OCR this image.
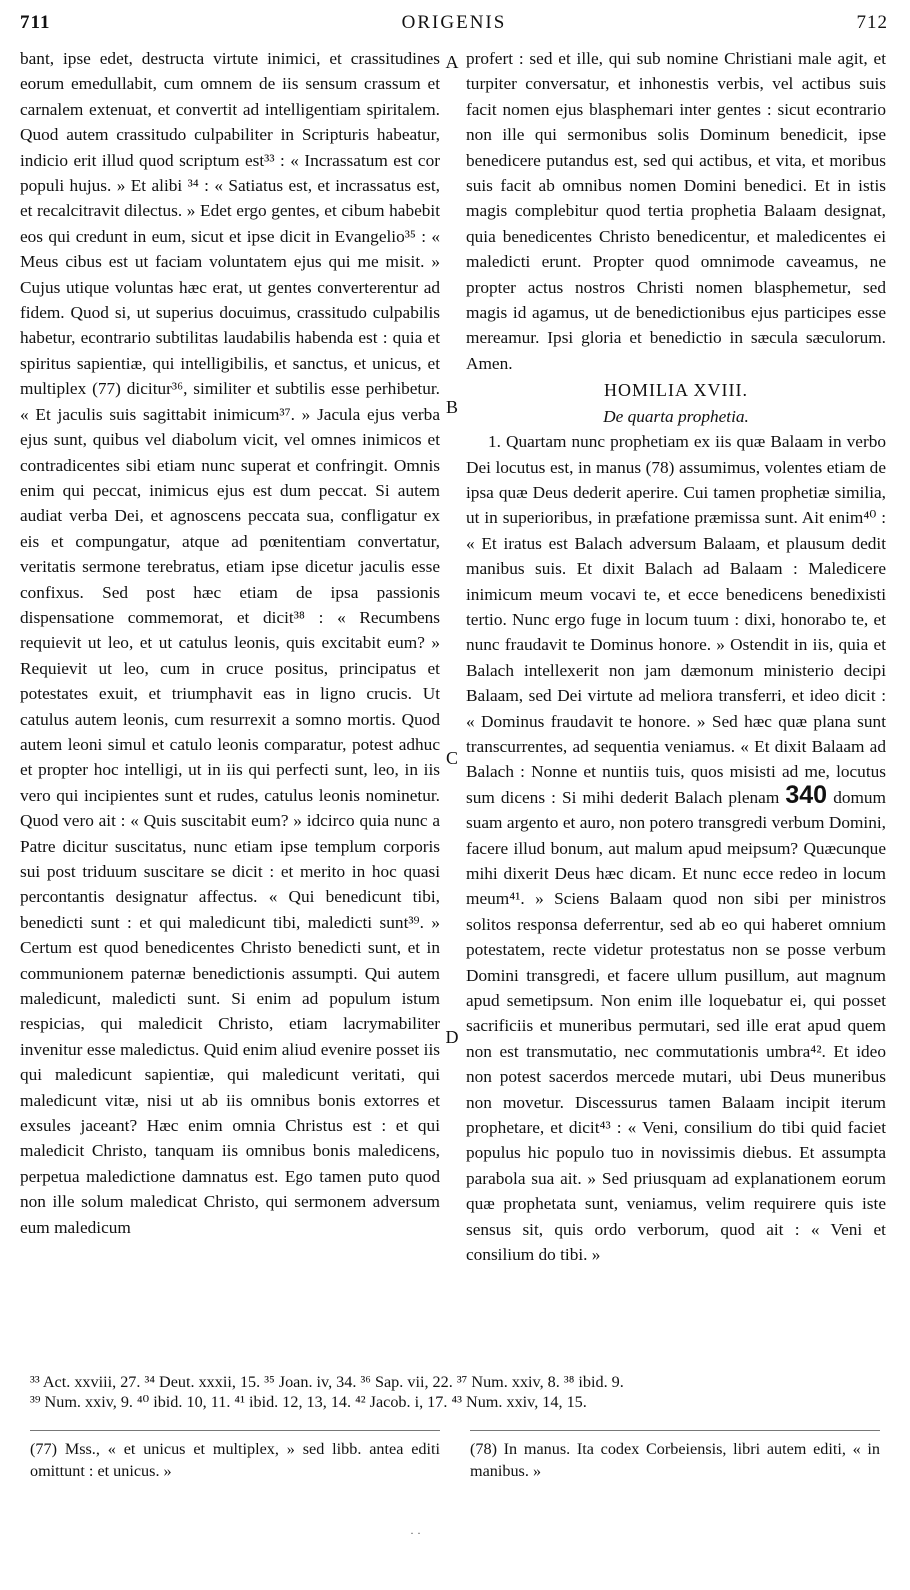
711	ORIGENIS	712
A
B
C
D

bant, ipse edet, destructa virtute inimici, et crassitudines eorum emedullabit, cum omnem de iis sensum crassum et carnalem extenuat, et convertit ad intelligentiam spiritalem. Quod autem crassitudo culpabiliter in Scripturis habeatur, indicio erit illud quod scriptum est³³ : « Incrassatum est cor populi hujus. » Et alibi ³⁴ : « Satiatus est, et incrassatus est, et recalcitravit dilectus. » Edet ergo gentes, et cibum habebit eos qui credunt in eum, sicut et ipse dicit in Evangelio³⁵ : « Meus cibus est ut faciam voluntatem ejus qui me misit. » Cujus utique voluntas hæc erat, ut gentes converterentur ad fidem. Quod si, ut superius docuimus, crassitudo culpabilis habetur, econtrario subtilitas laudabilis habenda est : quia et spiritus sapientiæ, qui intelligibilis, et sanctus, et unicus, et multiplex (77) dicitur³⁶, similiter et subtilis esse perhibetur. « Et jaculis suis sagittabit inimicum³⁷. » Jacula ejus verba ejus sunt, quibus vel diabolum vicit, vel omnes inimicos et contradicentes sibi etiam nunc superat et confringit. Omnis enim qui peccat, inimicus ejus est dum peccat. Si autem audiat verba Dei, et agnoscens peccata sua, confligatur ex eis et compungatur, atque ad pœnitentiam convertatur, veritatis sermone terebratus, etiam ipse dicetur jaculis esse confixus. Sed post hæc etiam de ipsa passionis dispensatione commemorat, et dicit³⁸ : « Recumbens requievit ut leo, et ut catulus leonis, quis excitabit eum? » Requievit ut leo, cum in cruce positus, principatus et potestates exuit, et triumphavit eas in ligno crucis. Ut catulus autem leonis, cum resurrexit a somno mortis. Quod autem leoni simul et catulo leonis comparatur, potest adhuc et propter hoc intelligi, ut in iis qui perfecti sunt, leo, in iis vero qui incipientes sunt et rudes, catulus leonis nominetur. Quod vero ait : « Quis suscitabit eum? » idcirco quia nunc a Patre dicitur suscitatus, nunc etiam ipse templum corporis sui post triduum suscitare se dicit : et merito in hoc quasi percontantis designatur affectus. « Qui benedicunt tibi, benedicti sunt : et qui maledicunt tibi, maledicti sunt³⁹. » Certum est quod benedicentes Christo benedicti sunt, et in communionem paternæ benedictionis assumpti. Qui autem maledicunt, maledicti sunt. Si enim ad populum istum respicias, qui maledicit Christo, etiam lacrymabiliter invenitur esse maledictus. Quid enim aliud evenire posset iis qui maledicunt sapientiæ, qui maledicunt veritati, qui maledicunt vitæ, nisi ut ab iis omnibus bonis extorres et exsules jaceant? Hæc enim omnia Christus est : et qui maledicit Christo, tanquam iis omnibus bonis maledicens, perpetua maledictione damnatus est. Ego tamen puto quod non ille solum maledicat Christo, qui sermonem adversum eum maledicum

profert : sed et ille, qui sub nomine Christiani male agit, et turpiter conversatur, et inhonestis verbis, vel actibus suis facit nomen ejus blasphemari inter gentes : sicut econtrario non ille qui sermonibus solis Dominum benedicit, ipse benedicere putandus est, sed qui actibus, et vita, et moribus suis facit ab omnibus nomen Domini benedici. Et in istis magis complebitur quod tertia prophetia Balaam designat, quia benedicentes Christo benedicentur, et maledicentes ei maledicti erunt. Propter quod omnimode caveamus, ne propter actus nostros Christi nomen blasphemetur, sed magis id agamus, ut de benedictionibus ejus participes esse mereamur. Ipsi gloria et benedictio in sæcula sæculorum. Amen.

HOMILIA XVIII.
De quarta prophetia.

1. Quartam nunc prophetiam ex iis quæ Balaam in verbo Dei locutus est, in manus (78) assumimus, volentes etiam de ipsa quæ Deus dederit aperire. Cui tamen prophetiæ similia, ut in superioribus, in præfatione præmissa sunt. Ait enim⁴⁰ : « Et iratus est Balach adversum Balaam, et plausum dedit manibus suis. Et dixit Balach ad Balaam : Maledicere inimicum meum vocavi te, et ecce benedicens benedixisti tertio. Nunc ergo fuge in locum tuum : dixi, honorabo te, et nunc fraudavit te Dominus honore. » Ostendit in iis, quia et Balach intellexerit non jam dæmonum ministerio decipi Balaam, sed Dei virtute ad meliora transferri, et ideo dicit : « Dominus fraudavit te honore. » Sed hæc quæ plana sunt transcurrentes, ad sequentia veniamus. « Et dixit Balaam ad Balach : Nonne et nuntiis tuis, quos misisti ad me, locutus sum dicens : Si mihi dederit Balach plenam 340 domum suam argento et auro, non potero transgredi verbum Domini, facere illud bonum, aut malum apud meipsum? Quæcunque mihi dixerit Deus hæc dicam. Et nunc ecce redeo in locum meum⁴¹. » Sciens Balaam quod non sibi per ministros solitos responsa deferrentur, sed ab eo qui haberet omnium potestatem, recte videtur protestatus non se posse verbum Domini transgredi, et facere ullum pusillum, aut magnum apud semetipsum. Non enim ille loquebatur ei, qui posset sacrificiis et muneribus permutari, sed ille erat apud quem non est transmutatio, nec commutationis umbra⁴². Et ideo non potest sacerdos mercede mutari, ubi Deus muneribus non movetur. Discessurus tamen Balaam incipit iterum prophetare, et dicit⁴³ : « Veni, consilium do tibi quid faciet populus hic populo tuo in novissimis diebus. Et assumpta parabola sua ait. » Sed priusquam ad explanationem eorum quæ prophetata sunt, veniamus, velim requirere quis iste sensus sit, quis ordo verborum, quod ait : « Veni et consilium do tibi. »

³³ Act. xxviii, 27. ³⁴ Deut. xxxii, 15. ³⁵ Joan. iv, 34. ³⁶ Sap. vii, 22. ³⁷ Num. xxiv, 8. ³⁸ ibid. 9.
³⁹ Num. xxiv, 9. ⁴⁰ ibid. 10, 11. ⁴¹ ibid. 12, 13, 14. ⁴² Jacob. i, 17. ⁴³ Num. xxiv, 14, 15.
(77) Mss., « et unicus et multiplex, » sed libb. antea editi omittunt : et unicus. »
(78) In manus. Ita codex Corbeiensis, libri autem editi, « in manibus. »
· ·
